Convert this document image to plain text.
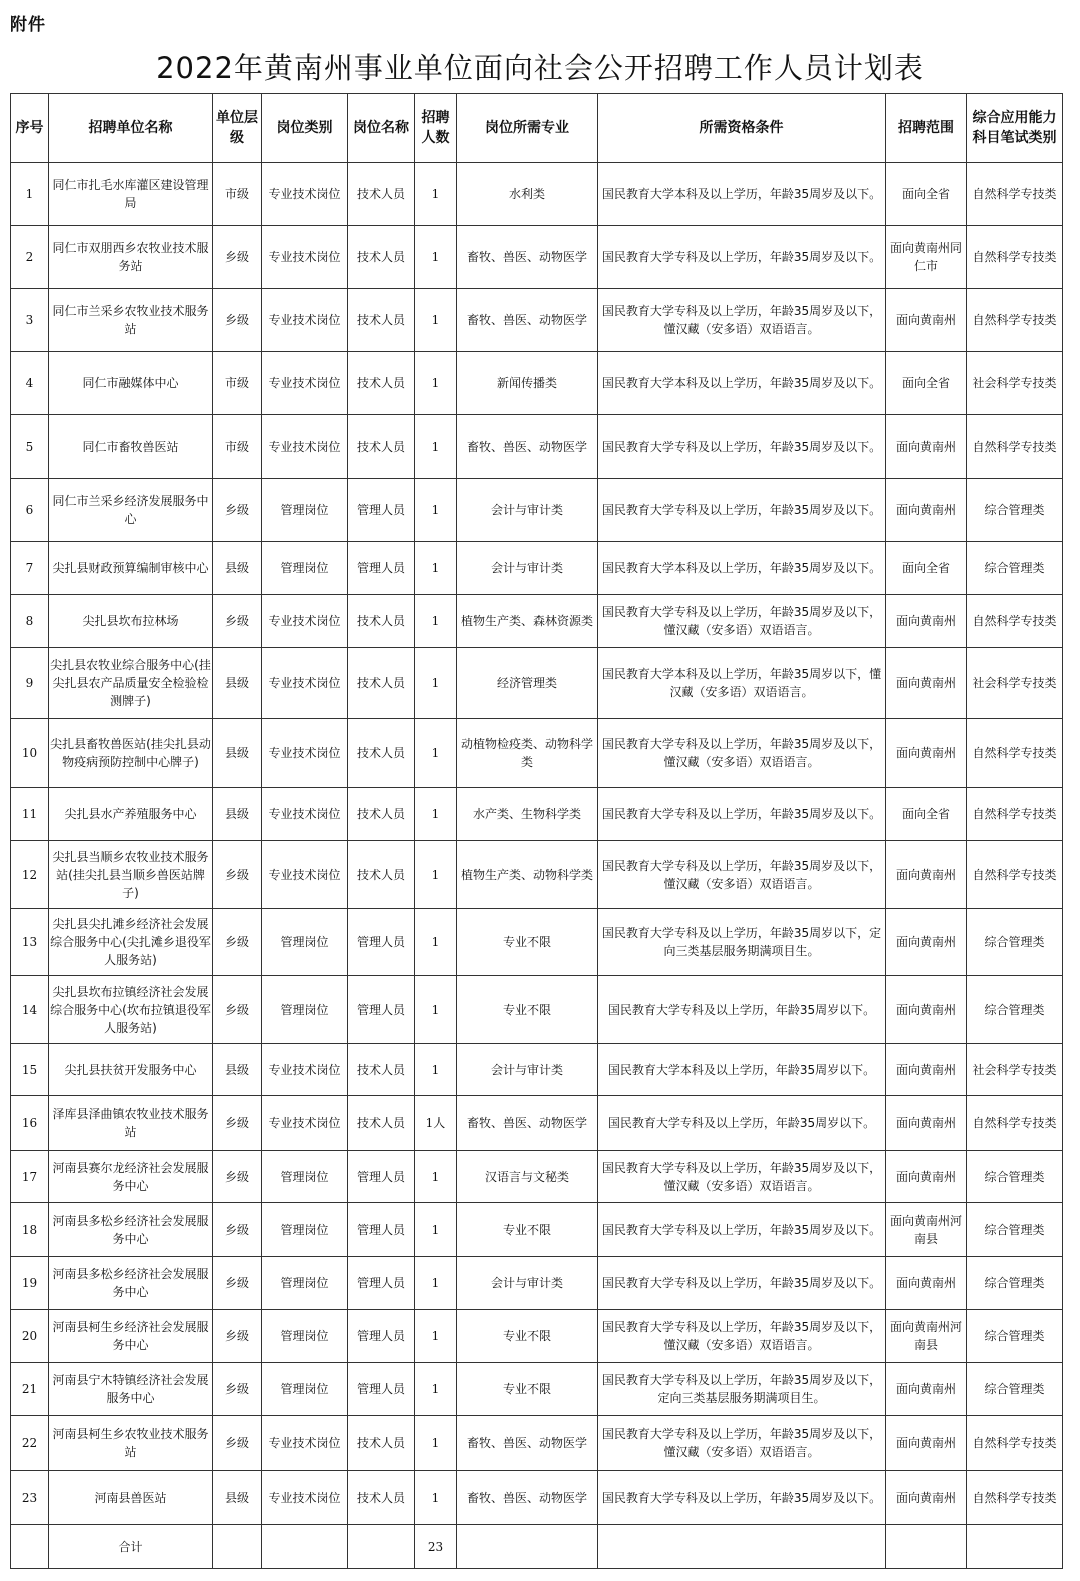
附件
2022年黄南州事业单位面向社会公开招聘工作人员计划表
序号	招聘单位名称	单位层级	岗位类别	岗位名称	招聘人数	岗位所需专业	所需资格条件	招聘范围	综合应用能力科目笔试类别
1	同仁市扎毛水库灌区建设管理局	市级	专业技术岗位	技术人员	1	水利类	国民教育大学本科及以上学历，年龄35周岁及以下。	面向全省	自然科学专技类
2	同仁市双朋西乡农牧业技术服务站	乡级	专业技术岗位	技术人员	1	畜牧、兽医、动物医学	国民教育大学专科及以上学历，年龄35周岁及以下。	面向黄南州同仁市	自然科学专技类
3	同仁市兰采乡农牧业技术服务站	乡级	专业技术岗位	技术人员	1	畜牧、兽医、动物医学	国民教育大学专科及以上学历，年龄35周岁及以下，懂汉藏（安多语）双语语言。	面向黄南州	自然科学专技类
4	同仁市融媒体中心	市级	专业技术岗位	技术人员	1	新闻传播类	国民教育大学本科及以上学历，年龄35周岁及以下。	面向全省	社会科学专技类
5	同仁市畜牧兽医站	市级	专业技术岗位	技术人员	1	畜牧、兽医、动物医学	国民教育大学专科及以上学历，年龄35周岁及以下。	面向黄南州	自然科学专技类
6	同仁市兰采乡经济发展服务中心	乡级	管理岗位	管理人员	1	会计与审计类	国民教育大学专科及以上学历，年龄35周岁及以下。	面向黄南州	综合管理类
7	尖扎县财政预算编制审核中心	县级	管理岗位	管理人员	1	会计与审计类	国民教育大学本科及以上学历，年龄35周岁及以下。	面向全省	综合管理类
8	尖扎县坎布拉林场	乡级	专业技术岗位	技术人员	1	植物生产类、森林资源类	国民教育大学专科及以上学历，年龄35周岁及以下，懂汉藏（安多语）双语语言。	面向黄南州	自然科学专技类
9	尖扎县农牧业综合服务中心(挂尖扎县农产品质量安全检验检测牌子)	县级	专业技术岗位	技术人员	1	经济管理类	国民教育大学本科及以上学历，年龄35周岁以下，懂汉藏（安多语）双语语言。	面向黄南州	社会科学专技类
10	尖扎县畜牧兽医站(挂尖扎县动物疫病预防控制中心牌子)	县级	专业技术岗位	技术人员	1	动植物检疫类、动物科学类	国民教育大学专科及以上学历，年龄35周岁及以下，懂汉藏（安多语）双语语言。	面向黄南州	自然科学专技类
11	尖扎县水产养殖服务中心	县级	专业技术岗位	技术人员	1	水产类、生物科学类	国民教育大学专科及以上学历，年龄35周岁及以下。	面向全省	自然科学专技类
12	尖扎县当顺乡农牧业技术服务站(挂尖扎县当顺乡兽医站牌子)	乡级	专业技术岗位	技术人员	1	植物生产类、动物科学类	国民教育大学专科及以上学历，年龄35周岁及以下，懂汉藏（安多语）双语语言。	面向黄南州	自然科学专技类
13	尖扎县尖扎滩乡经济社会发展综合服务中心(尖扎滩乡退役军人服务站)	乡级	管理岗位	管理人员	1	专业不限	国民教育大学专科及以上学历，年龄35周岁以下，定向三类基层服务期满项目生。	面向黄南州	综合管理类
14	尖扎县坎布拉镇经济社会发展综合服务中心(坎布拉镇退役军人服务站)	乡级	管理岗位	管理人员	1	专业不限	国民教育大学专科及以上学历，年龄35周岁以下。	面向黄南州	综合管理类
15	尖扎县扶贫开发服务中心	县级	专业技术岗位	技术人员	1	会计与审计类	国民教育大学本科及以上学历，年龄35周岁以下。	面向黄南州	社会科学专技类
16	泽库县泽曲镇农牧业技术服务站	乡级	专业技术岗位	技术人员	1人	畜牧、兽医、动物医学	国民教育大学专科及以上学历，年龄35周岁以下。	面向黄南州	自然科学专技类
17	河南县赛尔龙经济社会发展服务中心	乡级	管理岗位	管理人员	1	汉语言与文秘类	国民教育大学专科及以上学历，年龄35周岁及以下，懂汉藏（安多语）双语语言。	面向黄南州	综合管理类
18	河南县多松乡经济社会发展服务中心	乡级	管理岗位	管理人员	1	专业不限	国民教育大学专科及以上学历，年龄35周岁及以下。	面向黄南州河南县	综合管理类
19	河南县多松乡经济社会发展服务中心	乡级	管理岗位	管理人员	1	会计与审计类	国民教育大学专科及以上学历，年龄35周岁及以下。	面向黄南州	综合管理类
20	河南县柯生乡经济社会发展服务中心	乡级	管理岗位	管理人员	1	专业不限	国民教育大学专科及以上学历，年龄35周岁及以下，懂汉藏（安多语）双语语言。	面向黄南州河南县	综合管理类
21	河南县宁木特镇经济社会发展服务中心	乡级	管理岗位	管理人员	1	专业不限	国民教育大学专科及以上学历，年龄35周岁及以下，定向三类基层服务期满项目生。	面向黄南州	综合管理类
22	河南县柯生乡农牧业技术服务站	乡级	专业技术岗位	技术人员	1	畜牧、兽医、动物医学	国民教育大学专科及以上学历，年龄35周岁及以下，懂汉藏（安多语）双语语言。	面向黄南州	自然科学专技类
23	河南县兽医站	县级	专业技术岗位	技术人员	1	畜牧、兽医、动物医学	国民教育大学专科及以上学历，年龄35周岁及以下。	面向黄南州	自然科学专技类
	合计				23				
